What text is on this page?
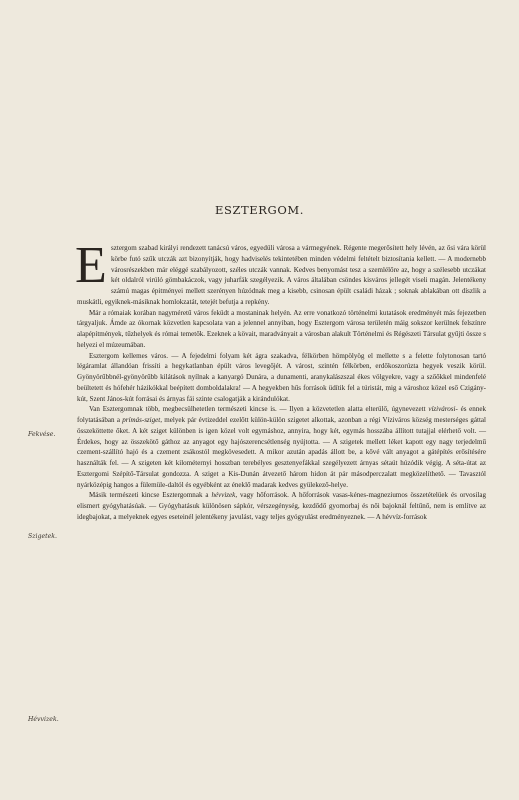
ESZTERGOM.
Fekvése.
Szigetek.
Hévvizek.

Esztergom szabad királyi rendezett tanácsú város, egyedüli városa a vármegyének. Régente megerősített hely lévén, az ősi vára körül körbe futó szűk utczák azt bizonyítják, hogy hadviselés tekintetében minden védelmi feltételt biztosítania kellett. — A modernebb városrészekben már eléggé szabályozott, széles utczák vannak. Kedves benyomást tesz a szemlélőre az, hogy a szélesebb utczákat két oldalról virúló gömbakáczok, vagy juharfák szegélyezik. A város általában csöndes kisváros jellegét viseli magán. Jelentékeny számú magas épitményei mellett szerényen húzódnak meg a kisebb, csinosan épült családi házak ; soknak ablakában ott díszlik a muskátli, egyiknek-másiknak homlokzatát, tetejét befutja a repkény.

Már a rómaiak korában nagyméretű város feküdt a mostaninak helyén. Az erre vonatkozó történelmi kutatások eredményét más fejezetben tárgyaljuk. Ámde az ókornak közvetlen kapcsolata van a jelennel annyiban, hogy Esztergom városa területén máig sokszor kerülnek felszínre alapépítmények, tűzhelyek és római temetők. Ezeknek a kövait, maradványait a városban alakult Történelmi és Régészeti Társulat gyűjti össze s helyezi el múzeumában.

Esztergom kellemes város. — A fejedelmi folyam két ágra szakadva, félkörben hömpölyög el mellette s a felette folytonosan tartó légáramlat állandóan frissíti a hegykatlanban épült város levegőjét. A várost, szintén félkörben, erdőkoszorúzta hegyek veszik körül. Gyönyörűbbnél-gyönyörűbb kilátások nyílnak a kanyargó Dunára, a dunamenti, aranykalászszal ékes völgyekre, vagy a szőőkkel mindenfelé beültetett és hófehér házikókkal beépített domboldalakra! — A hegyekben hűs források üdítik fel a túristát, mig a városhoz közel eső Czigány-kút, Szent János-kút forrásai és árnyas fái szinte csalogatják a kirándulókat.

Van Esztergomnak több, megbecsülhetetlen természeti kincse is. — Ilyen a közvetetlen alatta elterülő, úgynevezett vízivárosi- és ennek folytatásában a prímás-sziget, melyek pár évtizeddel ezelőtt külön-külön szigetet alkottak, azonban a régi Víziváros község mesterséges gáttal összeköttette őket. A két sziget különben is igen közel volt egymáshoz, annyira, hogy két, egymás hosszába állított tutajjal elérhető volt. — Érdekes, hogy az összekötő gáthoz az anyagot egy hajószerencsétlenség nyújtotta. — A szigetek mellett léket kapott egy nagy terjedelmű czement-szállító hajó és a czement zsákostól megkövesedett. A mikor azután apadás állott be, a kővé vált anyagot a gátépítés erősítésére használták fel. — A szigeten két kilométernyi hosszban terebélyes gesztenyefákkal szegélyezett árnyas sétaút húzódik végig. A séta-útat az Esztergomi Szépítő-Társulat gondozza. A sziget a Kis-Dunán átvezető három hidon át pár másodperczalatt megközelíthető. — Tavasztól nyárközépig hangos a fülemüle-daltól és egyébként az éneklő madarak kedves gyülekező-helye.

Másik természeti kincse Esztergomnak a hévvizek, vagy hőforrások. A hőforrások vasas-kénes-magneziumos összetételüek és orvosilag elismert gyógyhatásúak. — Gyógyhatásuk különösen sápkór, vérszegénység, kezdődő gyomorbaj és női bajoknál feltűnő, nem is említve az idegbajokat, a melyeknek egyes eseteinél jelentékeny javulást, vagy teljes gyógyulást eredményeznek. — A hévvíz-források
